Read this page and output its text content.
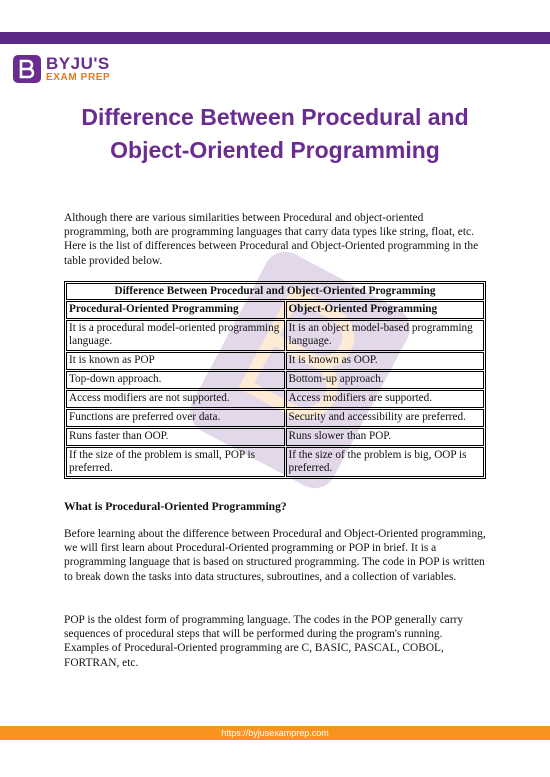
BYJU'S
EXAM PREP
Difference Between Procedural and Object-Oriented Programming

Although there are various similarities between Procedural and object-oriented programming, both are programming languages that carry data types like string, float, etc. Here is the list of differences between Procedural and Object-Oriented programming in the table provided below.

Difference Between Procedural and Object-Oriented Programming	
Procedural-Oriented Programming	Object-Oriented Programming
It is a procedural model-oriented programming language.	It is an object model-based programming language.
It is known as POP	It is known as OOP.
Top-down approach.	Bottom-up approach.
Access modifiers are not supported.	Access modifiers are supported.
Functions are preferred over data.	Security and accessibility are preferred.
Runs faster than OOP.	Runs slower than POP.
If the size of the problem is small, POP is preferred.	If the size of the problem is big, OOP is preferred.
What is Procedural-Oriented Programming?

Before learning about the difference between Procedural and Object-Oriented programming, we will first learn about Procedural-Oriented programming or POP in brief. It is a programming language that is based on structured programming. The code in POP is written to break down the tasks into data structures, subroutines, and a collection of variables.

POP is the oldest form of programming language. The codes in the POP generally carry sequences of procedural steps that will be performed during the program's running. Examples of Procedural-Oriented programming are C, BASIC, PASCAL, COBOL, FORTRAN, etc.

https://byjusexamprep.com
